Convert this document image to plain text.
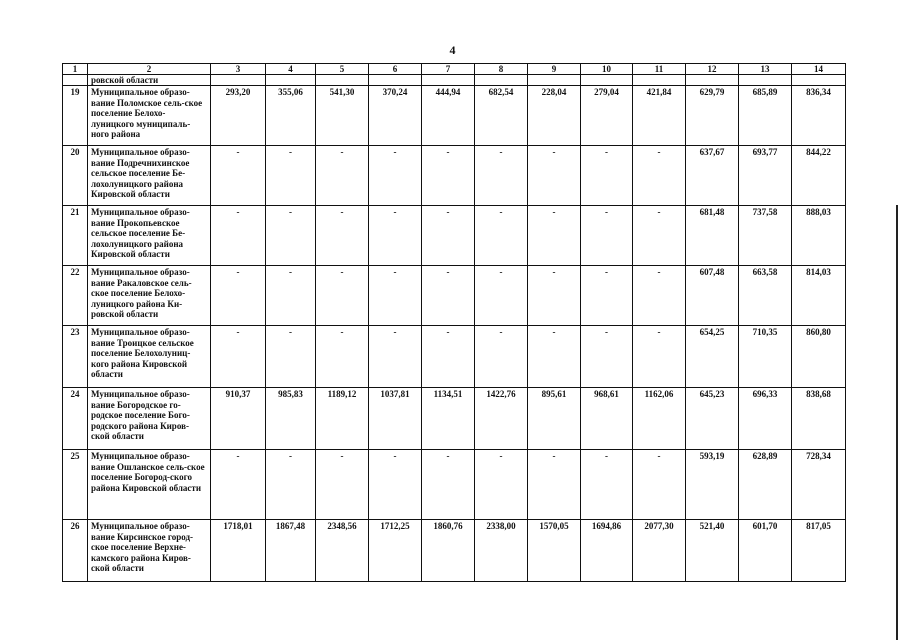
4
1	2	3	4	5	6	7	8	9	10	11	12	13	14
	ровской области												
19	Муниципальное образо-вание Поломское сель-ское поселение Белохо-луницкого муниципаль-ного района	293,20	355,06	541,30	370,24	444,94	682,54	228,04	279,04	421,84	629,79	685,89	836,34
20	Муниципальное образо-вание Подречнихинское сельское поселение Бе-лохолуницкого района Кировской области	-	-	-	-	-	-	-	-	-	637,67	693,77	844,22
21	Муниципальное образо-вание Прокопьевское сельское поселение Бе-лохолуницкого района Кировской области	-	-	-	-	-	-	-	-	-	681,48	737,58	888,03
22	Муниципальное образо-вание Ракаловское сель-ское поселение Белохо-луницкого района Ки-ровской области	-	-	-	-	-	-	-	-	-	607,48	663,58	814,03
23	Муниципальное образо-вание Троицкое сельское поселение Белохолуниц-кого района Кировской области	-	-	-	-	-	-	-	-	-	654,25	710,35	860,80
24	Муниципальное образо-вание Богородское го-родское поселение Бого-родского района Киров-ской области	910,37	985,83	1189,12	1037,81	1134,51	1422,76	895,61	968,61	1162,06	645,23	696,33	838,68
25	Муниципальное образо-вание Ошланское сель-ское поселение Богород-ского района Кировской области	-	-	-	-	-	-	-	-	-	593,19	628,89	728,34
26	Муниципальное образо-вание Кирсинское город-ское поселение Верхне-камского района Киров-ской области	1718,01	1867,48	2348,56	1712,25	1860,76	2338,00	1570,05	1694,86	2077,30	521,40	601,70	817,05
